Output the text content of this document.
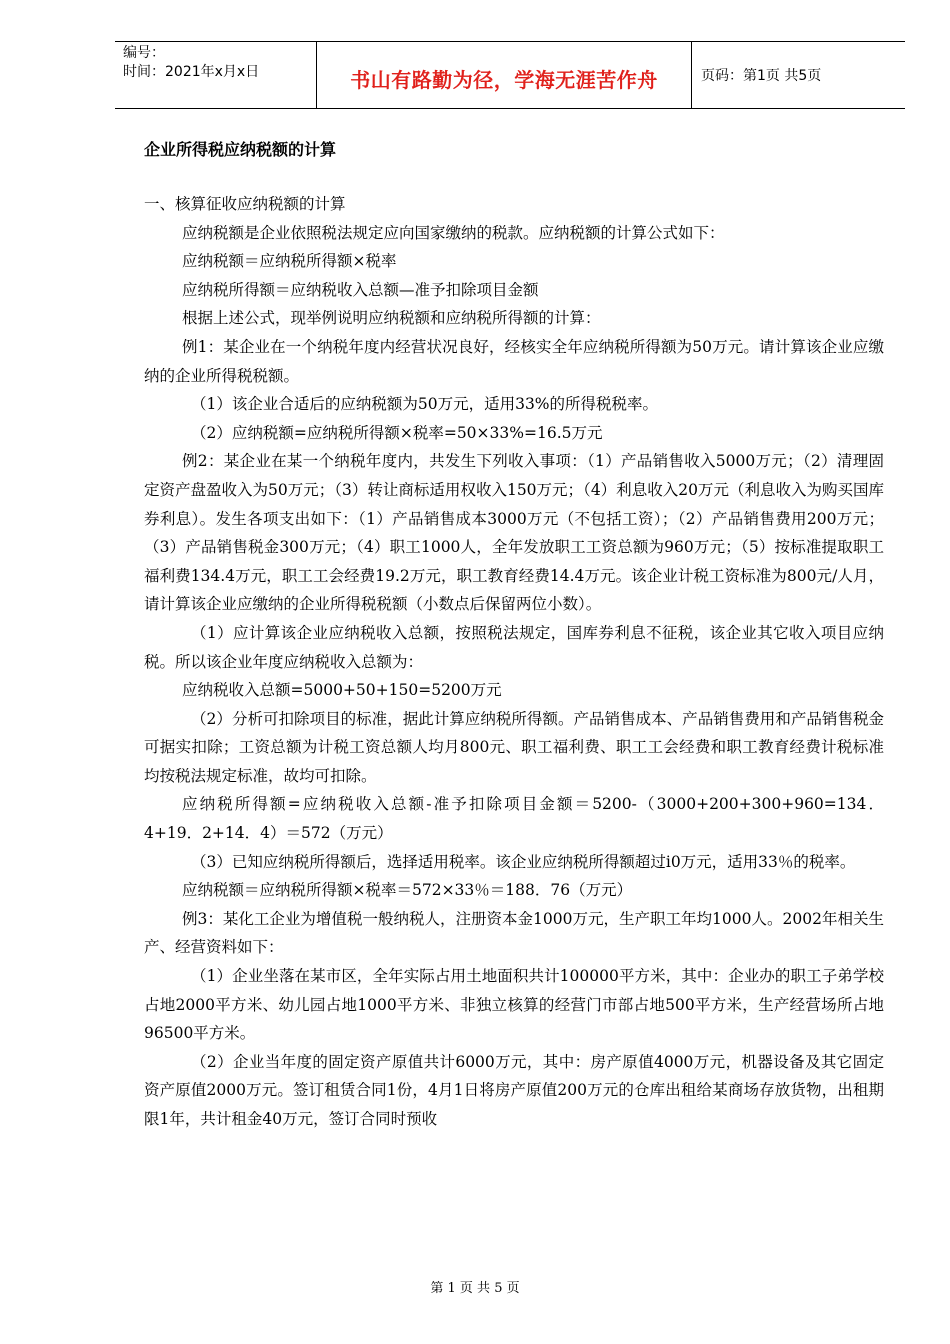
编号：
时间：2021年x月x日	书山有路勤为径，学海无涯苦作舟	页码：第1页 共5页
企业所得税应纳税额的计算

一、核算征收应纳税额的计算

应纳税额是企业依照税法规定应向国家缴纳的税款。应纳税额的计算公式如下：

应纳税额＝应纳税所得额×税率

应纳税所得额＝应纳税收入总额—准予扣除项目金额

根据上述公式，现举例说明应纳税额和应纳税所得额的计算：

例1：某企业在一个纳税年度内经营状况良好，经核实全年应纳税所得额为50万元。请计算该企业应缴纳的企业所得税税额。

（1）该企业合适后的应纳税额为50万元，适用33%的所得税税率。

（2）应纳税额=应纳税所得额×税率=50×33%=16.5万元

例2：某企业在某一个纳税年度内，共发生下列收入事项：（1）产品销售收入5000万元；（2）清理固定资产盘盈收入为50万元；（3）转让商标适用权收入150万元；（4）利息收入20万元（利息收入为购买国库券利息）。发生各项支出如下：（1）产品销售成本3000万元（不包括工资）；（2）产品销售费用200万元；（3）产品销售税金300万元；（4）职工1000人，全年发放职工工资总额为960万元；（5）按标准提取职工福利费134.4万元，职工工会经费19.2万元，职工教育经费14.4万元。该企业计税工资标准为800元/人月，请计算该企业应缴纳的企业所得税税额（小数点后保留两位小数）。

（1）应计算该企业应纳税收入总额，按照税法规定，国库券利息不征税，该企业其它收入项目应纳税。所以该企业年度应纳税收入总额为：

应纳税收入总额=5000+50+150=5200万元

（2）分析可扣除项目的标准，据此计算应纳税所得额。产品销售成本、产品销售费用和产品销售税金可据实扣除；工资总额为计税工资总额人均月800元、职工福利费、职工工会经费和职工教育经费计税标准均按税法规定标准，故均可扣除。

应纳税所得额=应纳税收入总额-准予扣除项目金额＝5200-（3000+200+300+960=134．4+19．2+14．4）＝572（万元）

（3）已知应纳税所得额后，选择适用税率。该企业应纳税所得额超过i0万元，适用33％的税率。

应纳税额＝应纳税所得额×税率＝572×33％＝188．76（万元）

例3：某化工企业为增值税一般纳税人，注册资本金1000万元，生产职工年均1000人。2002年相关生产、经营资料如下：

（1）企业坐落在某市区，全年实际占用土地面积共计100000平方米，其中：企业办的职工子弟学校占地2000平方米、幼儿园占地1000平方米、非独立核算的经营门市部占地500平方米，生产经营场所占地96500平方米。

（2）企业当年度的固定资产原值共计6000万元，其中：房产原值4000万元，机器设备及其它固定资产原值2000万元。签订租赁合同1份，4月1日将房产原值200万元的仓库出租给某商场存放货物，出租期限1年，共计租金40万元，签订合同时预收

第 1 页 共 5 页
